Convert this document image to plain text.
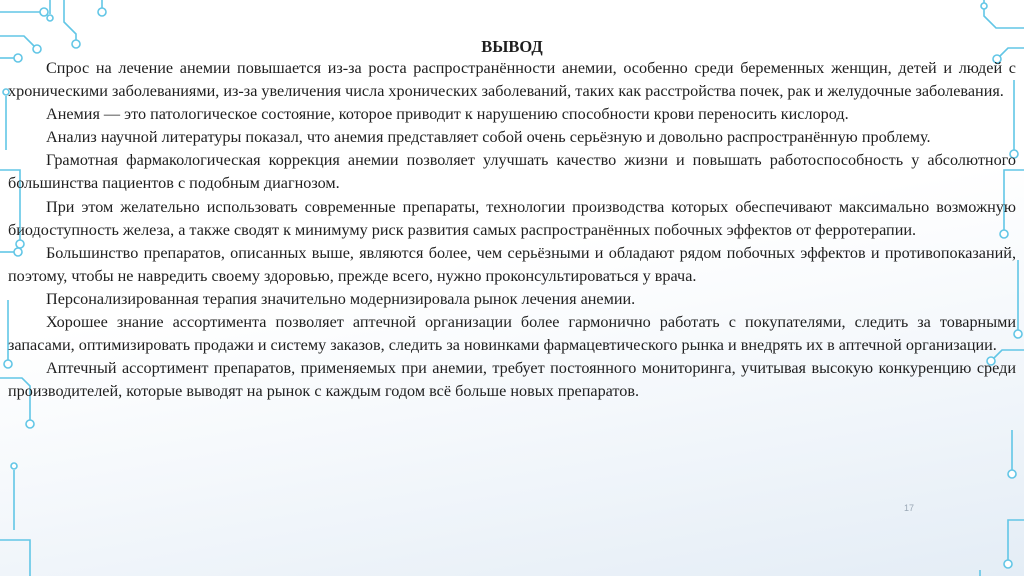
ВЫВОД

Спрос на лечение анемии повышается из-за роста распространённости анемии, особенно среди беременных женщин, детей и людей с хроническими заболеваниями, из-за увеличения числа хронических заболеваний, таких как расстройства почек, рак и желудочные заболевания.

Анемия — это патологическое состояние, которое приводит к нарушению способности крови переносить кислород.

Анализ научной литературы показал, что анемия представляет собой очень серьёзную и довольно распространённую проблему.

Грамотная фармакологическая коррекция анемии позволяет улучшать качество жизни и повышать работоспособность у абсолютного большинства пациентов с подобным диагнозом.

При этом желательно использовать современные препараты, технологии производства которых обеспечивают максимально возможную биодоступность железа, а также сводят к минимуму риск развития самых распространённых побочных эффектов от ферротерапии.

Большинство препаратов, описанных выше, являются более, чем серьёзными и обладают рядом побочных эффектов и противопоказаний, поэтому, чтобы не навредить своему здоровью, прежде всего, нужно проконсультироваться у врача.

Персонализированная терапия значительно модернизировала рынок лечения анемии.

Хорошее знание ассортимента позволяет аптечной организации более гармонично работать с покупателями, следить за товарными запасами, оптимизировать продажи и систему заказов, следить за новинками фармацевтического рынка и внедрять их в аптечной организации.

Аптечный ассортимент препаратов, применяемых при анемии, требует постоянного мониторинга, учитывая высокую конкуренцию среди производителей, которые выводят на рынок с каждым годом всё больше новых препаратов.

17
